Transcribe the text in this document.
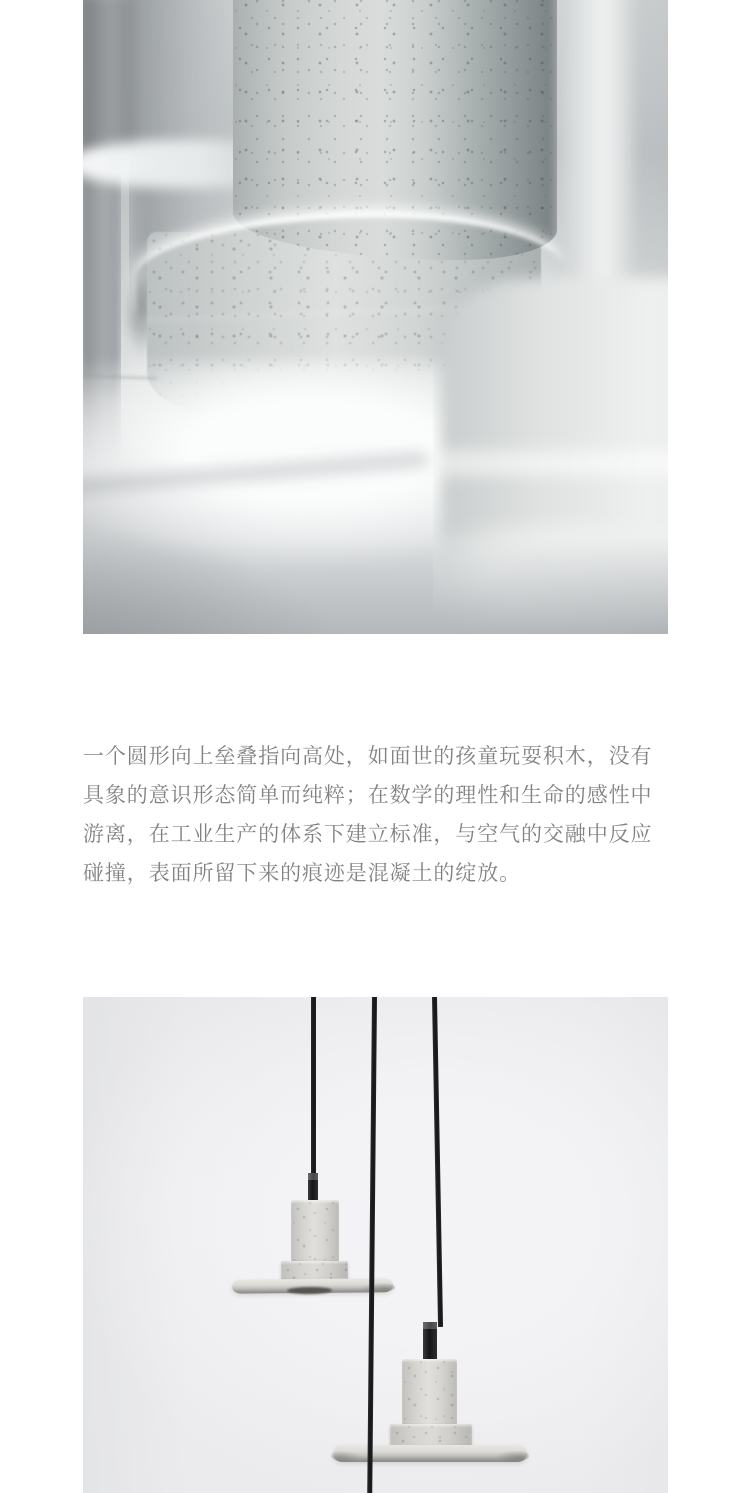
一个圆形向上垒叠指向高处，如面世的孩童玩耍积木，没有
具象的意识形态简单而纯粹；在数学的理性和生命的感性中
游离，在工业生产的体系下建立标准，与空气的交融中反应
碰撞，表面所留下来的痕迹是混凝土的绽放。
